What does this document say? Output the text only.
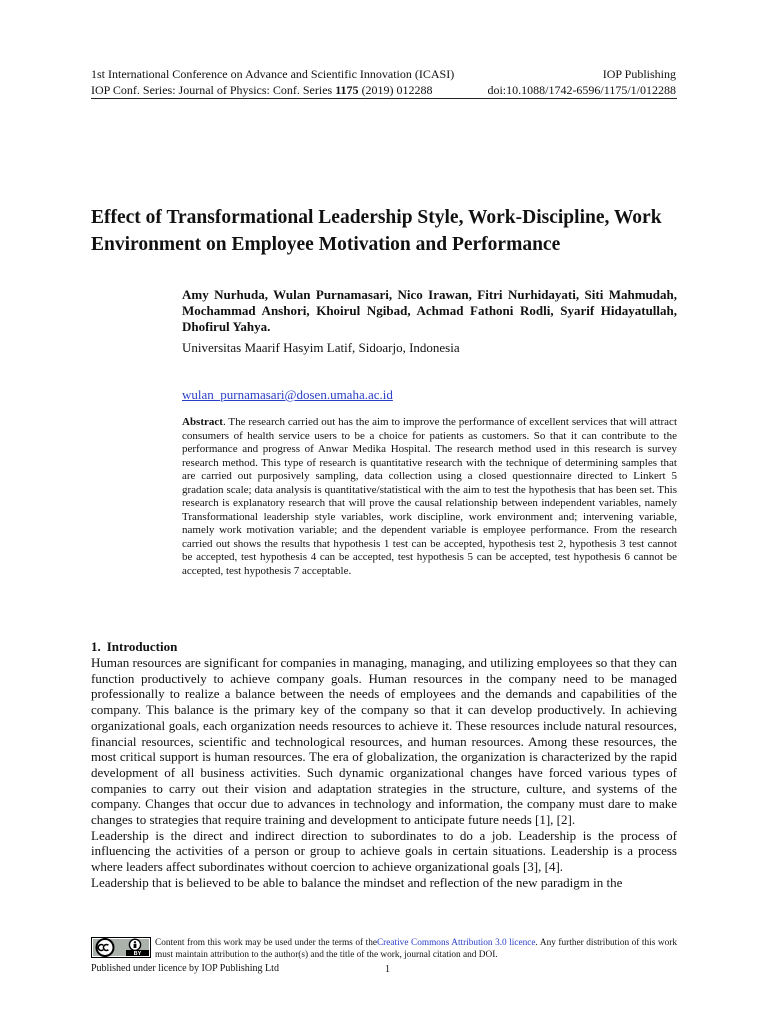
1st International Conference on Advance and Scientific Innovation (ICASI)	IOP Publishing
IOP Conf. Series: Journal of Physics: Conf. Series 1175 (2019) 012288	doi:10.1088/1742-6596/1175/1/012288
Effect of Transformational Leadership Style, Work-Discipline, Work Environment on Employee Motivation and Performance
Amy Nurhuda, Wulan Purnamasari, Nico Irawan, Fitri Nurhidayati, Siti Mahmudah, Mochammad Anshori, Khoirul Ngibad, Achmad Fathoni Rodli, Syarif Hidayatullah, Dhofirul Yahya.
Universitas Maarif Hasyim Latif, Sidoarjo, Indonesia
wulan_purnamasari@dosen.umaha.ac.id
Abstract. The research carried out has the aim to improve the performance of excellent services that will attract consumers of health service users to be a choice for patients as customers. So that it can contribute to the performance and progress of Anwar Medika Hospital. The research method used in this research is survey research method. This type of research is quantitative research with the technique of determining samples that are carried out purposively sampling, data collection using a closed questionnaire directed to Linkert 5 gradation scale; data analysis is quantitative/statistical with the aim to test the hypothesis that has been set. This research is explanatory research that will prove the causal relationship between independent variables, namely Transformational leadership style variables, work discipline, work environment and; intervening variable, namely work motivation variable; and the dependent variable is employee performance. From the research carried out shows the results that hypothesis 1 test can be accepted, hypothesis test 2, hypothesis 3 test cannot be accepted, test hypothesis 4 can be accepted, test hypothesis 5 can be accepted, test hypothesis 6 cannot be accepted, test hypothesis 7 acceptable.
1. Introduction

Human resources are significant for companies in managing, managing, and utilizing employees so that they can function productively to achieve company goals. Human resources in the company need to be managed professionally to realize a balance between the needs of employees and the demands and capabilities of the company. This balance is the primary key of the company so that it can develop productively. In achieving organizational goals, each organization needs resources to achieve it. These resources include natural resources, financial resources, scientific and technological resources, and human resources. Among these resources, the most critical support is human resources. The era of globalization, the organization is characterized by the rapid development of all business activities. Such dynamic organizational changes have forced various types of companies to carry out their vision and adaptation strategies in the structure, culture, and systems of the company. Changes that occur due to advances in technology and information, the company must dare to make changes to strategies that require training and development to anticipate future needs [1], [2].

Leadership is the direct and indirect direction to subordinates to do a job. Leadership is the process of influencing the activities of a person or group to achieve goals in certain situations. Leadership is a process where leaders affect subordinates without coercion to achieve organizational goals [3], [4].

Leadership that is believed to be able to balance the mindset and reflection of the new paradigm in the

BY
Content from this work may be used under the terms of theCreative Commons Attribution 3.0 licence. Any further distribution of this work must maintain attribution to the author(s) and the title of the work, journal citation and DOI.
Published under licence by IOP Publishing Ltd	1
